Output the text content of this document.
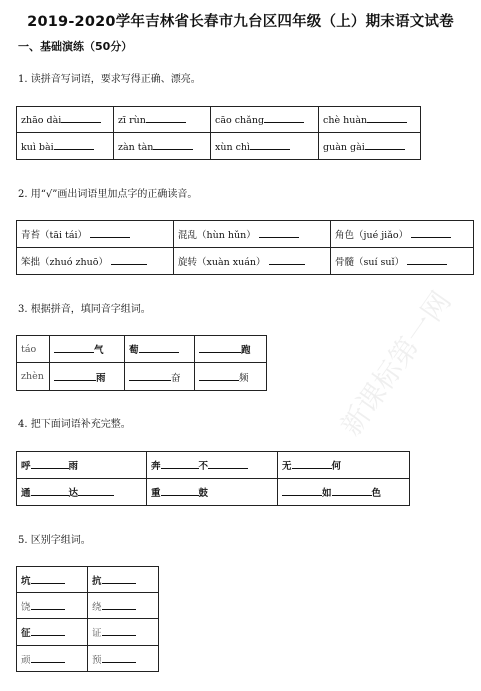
2019-2020学年吉林省长春市九台区四年级（上）期末语文试卷
一、基础演练（50分）
1. 读拼音写词语，要求写得正确、漂亮。
zhāo dài	zī rùn	cāo chǎng	chè huàn
kuì bài	zàn tàn	xùn chì	guàn gài
2. 用“√”画出词语里加点字的正确读音。
青苔（tāi tái）	混乱（hùn hǔn）	角色（jué jiǎo）
笨拙（zhuó zhuō）	旋转（xuàn xuán）	骨髓（suí suǐ）
3. 根据拼音，填同音字组词。
táo	气	萄	跑
zhèn	雨	奋	频
4. 把下面词语补充完整。
呼 雨	奔 不	无 何
通 达	重 鼓	如 色
5. 区别字组词。
坑	抗
饶	绕
征	证
顽	预
新课标第一网
